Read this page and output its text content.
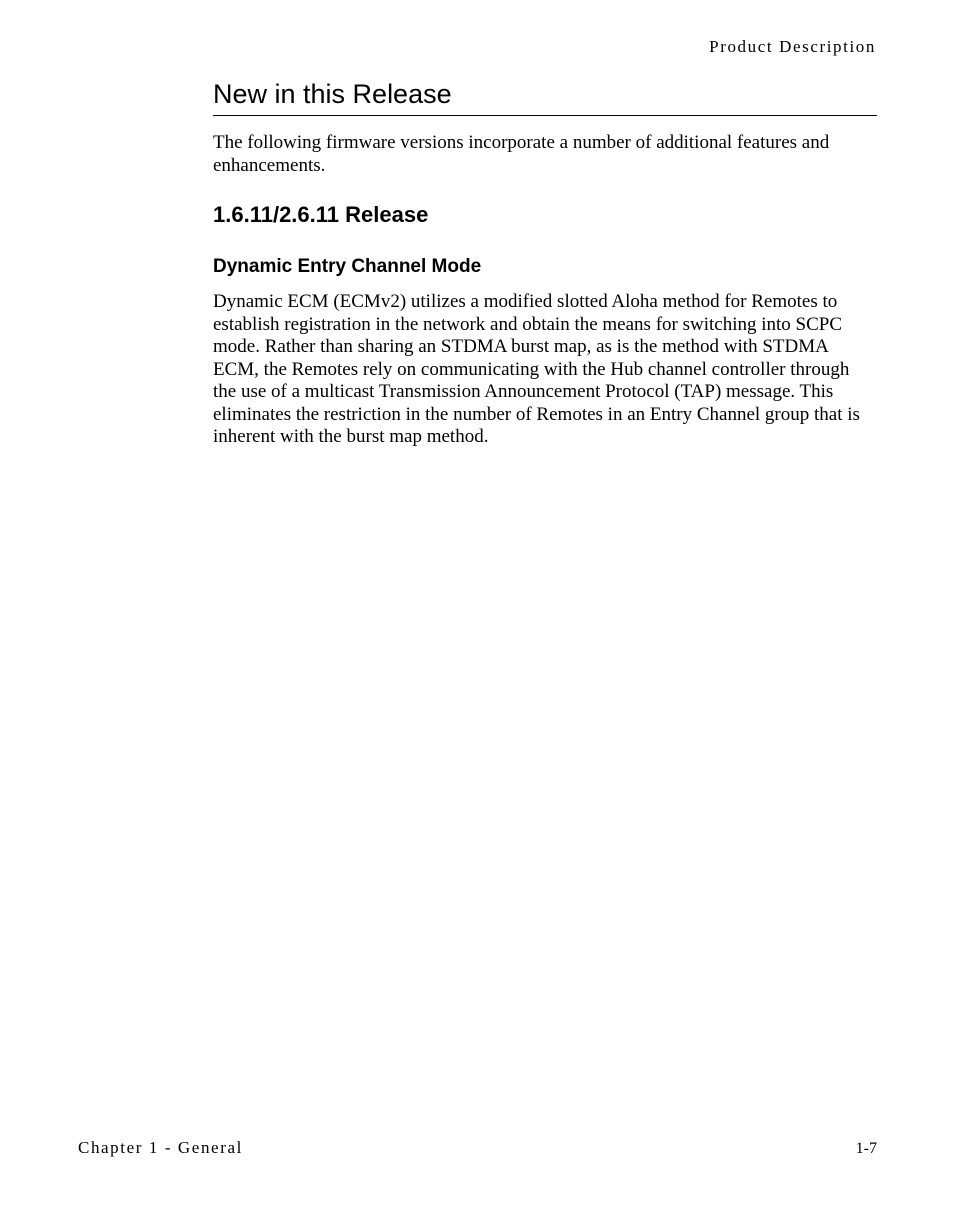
Product Description
New in this Release

The following firmware versions incorporate a number of additional features and enhancements.

1.6.11/2.6.11 Release
Dynamic Entry Channel Mode

Dynamic ECM (ECMv2) utilizes a modified slotted Aloha method for Remotes to establish registration in the network and obtain the means for switching into SCPC mode. Rather than sharing an STDMA burst map, as is the method with STDMA ECM, the Remotes rely on communicating with the Hub channel controller through the use of a multicast Transmission Announcement Protocol (TAP) message. This eliminates the restriction in the number of Remotes in an Entry Channel group that is inherent with the burst map method.

Chapter 1 - General	1-7
